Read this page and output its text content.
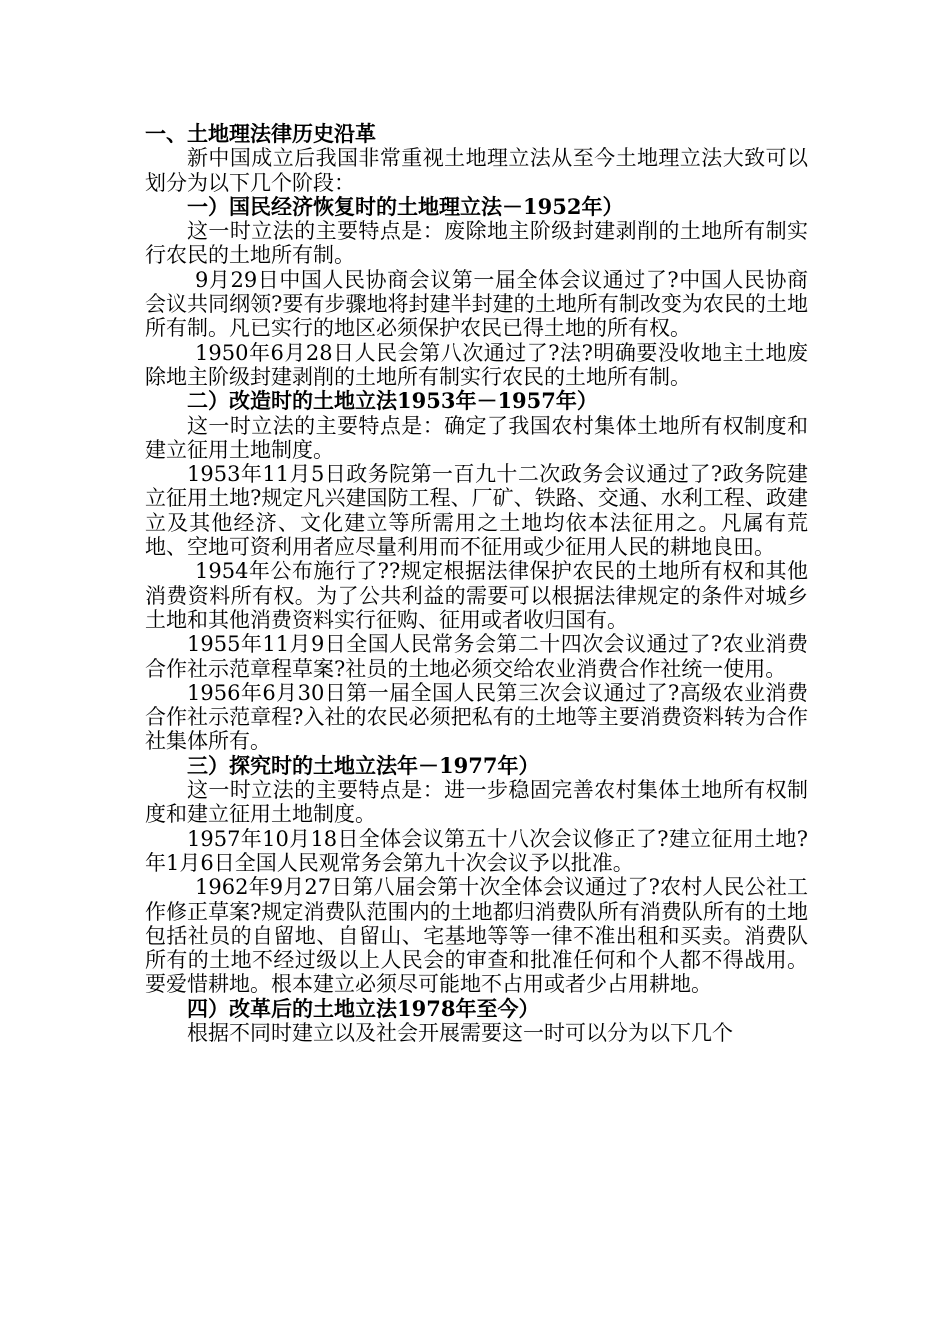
一、土地理法律历史沿革

新中国成立后我国非常重视土地理立法从至今土地理立法大致可以划分为以下几个阶段：

一）国民经济恢复时的土地理立法－1952年）

这一时立法的主要特点是：废除地主阶级封建剥削的土地所有制实行农民的土地所有制。

9月29日中国人民协商会议第一届全体会议通过了?中国人民协商会议共同纲领?要有步骤地将封建半封建的土地所有制改变为农民的土地所有制。凡已实行的地区必须保护农民已得土地的所有权。

1950年6月28日人民会第八次通过了?法?明确要没收地主土地废除地主阶级封建剥削的土地所有制实行农民的土地所有制。

二）改造时的土地立法1953年－1957年）

这一时立法的主要特点是：确定了我国农村集体土地所有权制度和建立征用土地制度。

1953年11月5日政务院第一百九十二次政务会议通过了?政务院建立征用土地?规定凡兴建国防工程、厂矿、铁路、交通、水利工程、政建立及其他经济、文化建立等所需用之土地均依本法征用之。凡属有荒地、空地可资利用者应尽量利用而不征用或少征用人民的耕地良田。

1954年公布施行了??规定根据法律保护农民的土地所有权和其他消费资料所有权。为了公共利益的需要可以根据法律规定的条件对城乡土地和其他消费资料实行征购、征用或者收归国有。

1955年11月9日全国人民常务会第二十四次会议通过了?农业消费合作社示范章程草案?社员的土地必须交给农业消费合作社统一使用。

1956年6月30日第一届全国人民第三次会议通过了?高级农业消费合作社示范章程?入社的农民必须把私有的土地等主要消费资料转为合作社集体所有。

三）探究时的土地立法年－1977年）

这一时立法的主要特点是：进一步稳固完善农村集体土地所有权制度和建立征用土地制度。

1957年10月18日全体会议第五十八次会议修正了?建立征用土地?年1月6日全国人民观常务会第九十次会议予以批准。

1962年9月27日第八届会第十次全体会议通过了?农村人民公社工作修正草案?规定消费队范围内的土地都归消费队所有消费队所有的土地包括社员的自留地、自留山、宅基地等等一律不准出租和买卖。消费队所有的土地不经过级以上人民会的审查和批准任何和个人都不得战用。要爱惜耕地。根本建立必须尽可能地不占用或者少占用耕地。

四）改革后的土地立法1978年至今）

根据不同时建立以及社会开展需要这一时可以分为以下几个
